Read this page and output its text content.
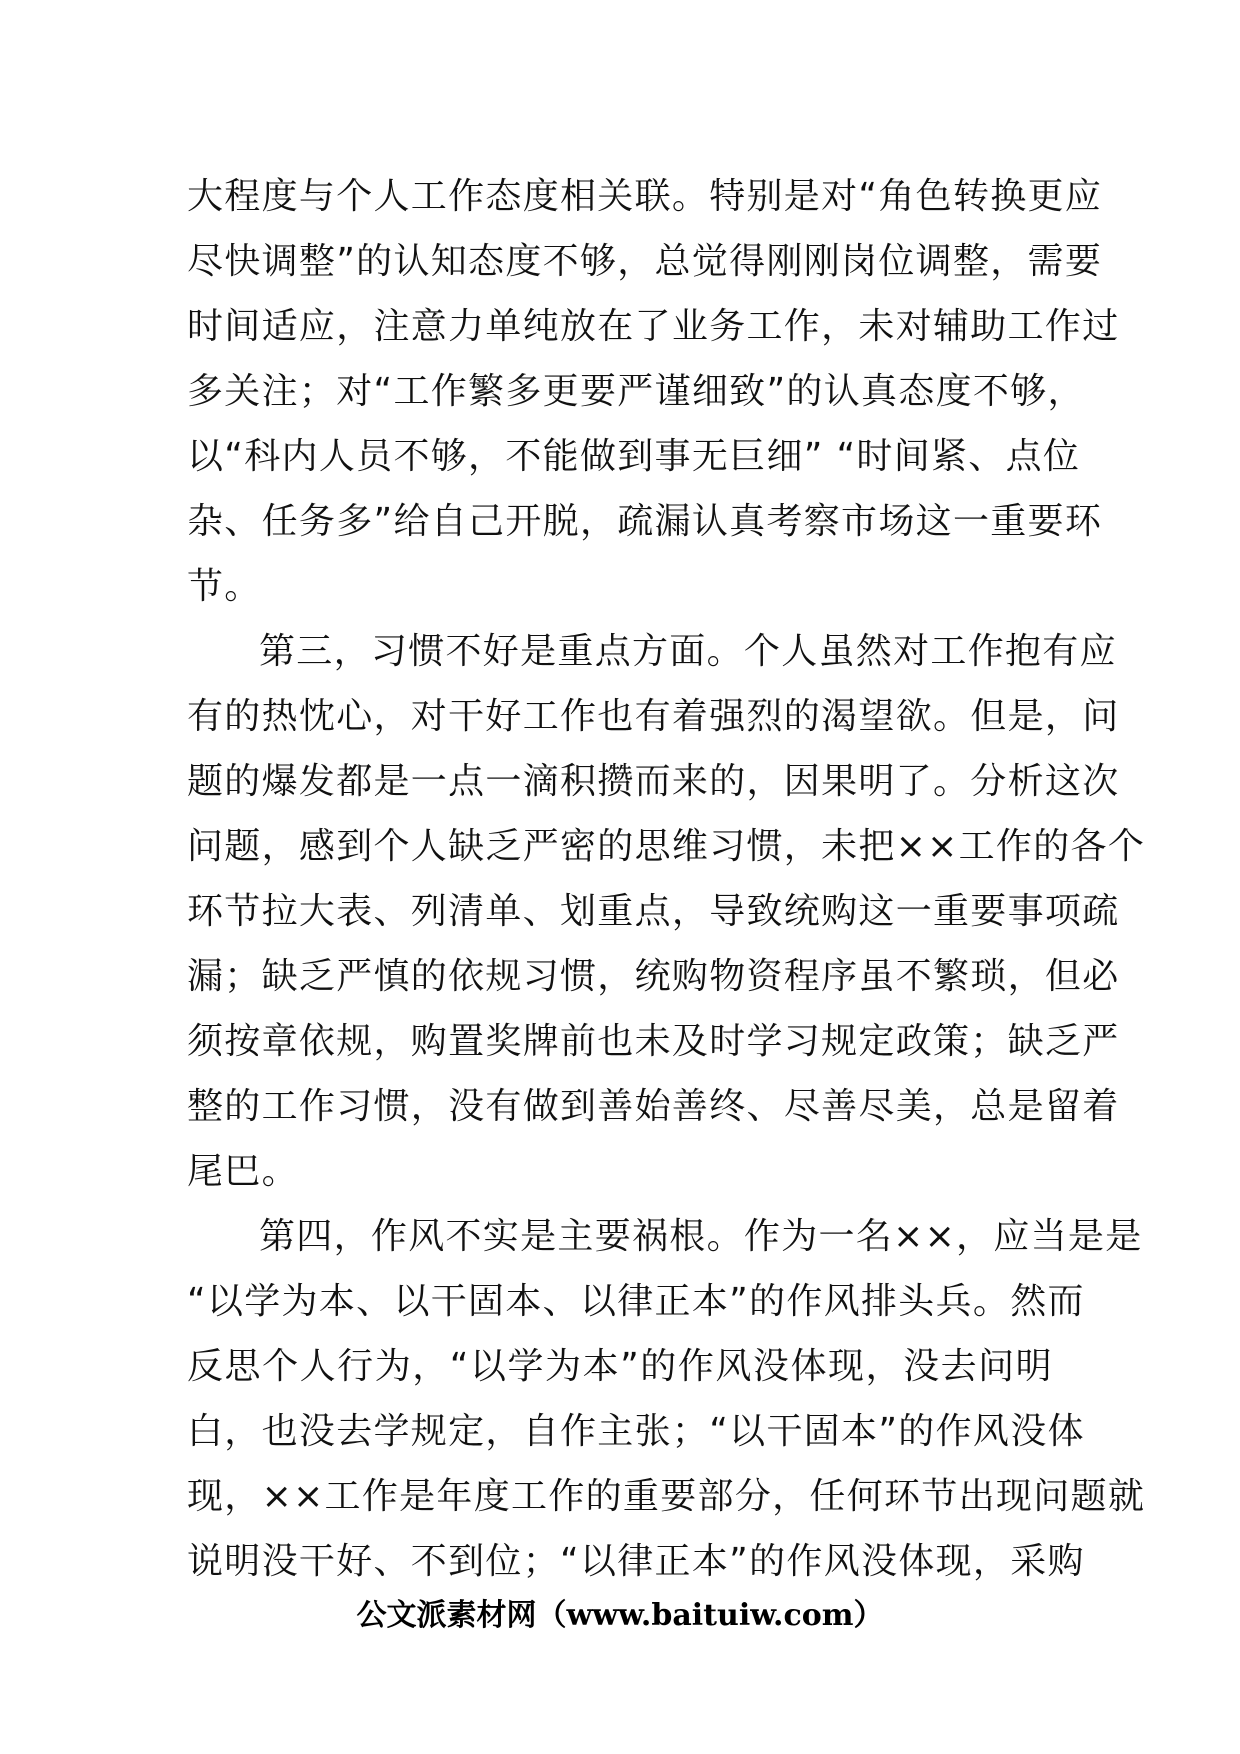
大程度与个人工作态度相关联。特别是对“角色转换更应
尽快调整”的认知态度不够，总觉得刚刚岗位调整，需要
时间适应，注意力单纯放在了业务工作，未对辅助工作过
多关注；对“工作繁多更要严谨细致”的认真态度不够，
以“科内人员不够，不能做到事无巨细” “时间紧、点位
杂、任务多”给自己开脱，疏漏认真考察市场这一重要环
节。

第三，习惯不好是重点方面。个人虽然对工作抱有应
有的热忱心，对干好工作也有着强烈的渴望欲。但是，问
题的爆发都是一点一滴积攒而来的，因果明了。分析这次
问题，感到个人缺乏严密的思维习惯，未把××工作的各个
环节拉大表、列清单、划重点，导致统购这一重要事项疏
漏；缺乏严慎的依规习惯，统购物资程序虽不繁琐，但必
须按章依规，购置奖牌前也未及时学习规定政策；缺乏严
整的工作习惯，没有做到善始善终、尽善尽美，总是留着
尾巴。

第四，作风不实是主要祸根。作为一名××，应当是是
“以学为本、以干固本、以律正本”的作风排头兵。然而
反思个人行为，“以学为本”的作风没体现，没去问明
白，也没去学规定，自作主张；“以干固本”的作风没体
现，××工作是年度工作的重要部分，任何环节出现问题就
说明没干好、不到位；“以律正本”的作风没体现，采购

公文派素材网（www.baituiw.com）
